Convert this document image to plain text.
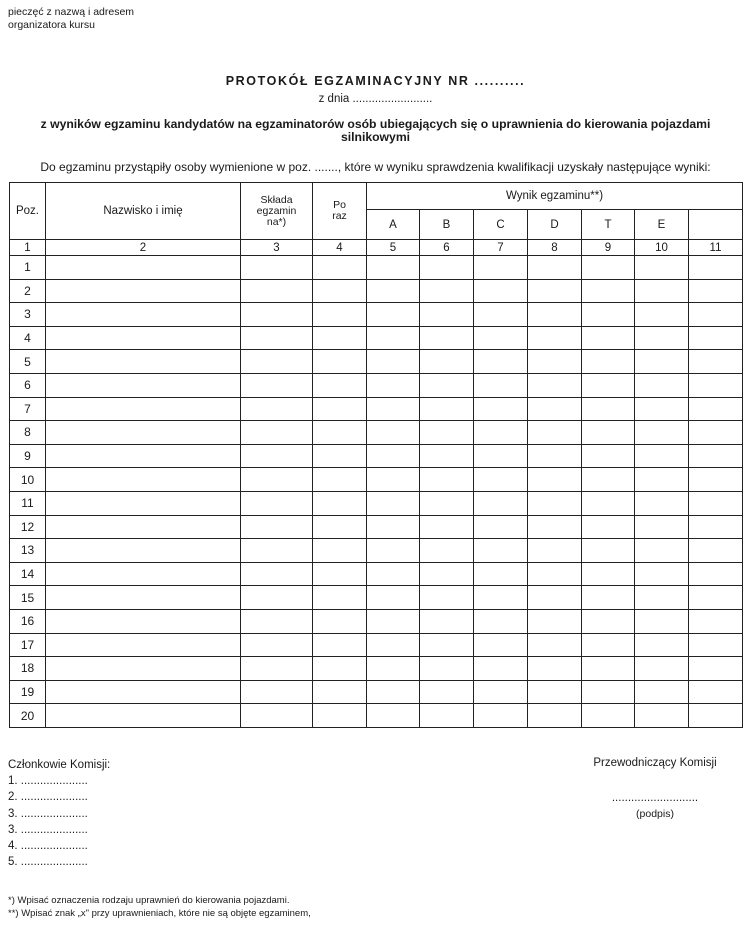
pieczęć z nazwą i adresem
organizatora kursu
PROTOKÓŁ EGZAMINACYJNY NR ..........
z dnia .........................
z wyników egzaminu kandydatów na egzaminatorów osób ubiegających się o uprawnienia do kierowania pojazdami silnikowymi
Do egzaminu przystąpiły osoby wymienione w poz. ......., które w wyniku sprawdzenia kwalifikacji uzyskały następujące wyniki:
Poz.	Nazwisko i imię	Składa egzamin na*)	Po raz	Wynik egzaminu**)						
				A	B	C	D	T	E	
1	2	3	4	5	6	7	8	9	10	11
1										
2										
3										
4										
5										
6										
7										
8										
9										
10										
11										
12										
13										
14										
15										
16										
17										
18										
19										
20										
Członkowie Komisji:
1. .....................
2. .....................
3. .....................
3. .....................
4. .....................
5. .....................
Przewodniczący Komisji
...........................
(podpis)
*) Wpisać oznaczenia rodzaju uprawnień do kierowania pojazdami.
**) Wpisać znak „x" przy uprawnieniach, które nie są objęte egzaminem,
